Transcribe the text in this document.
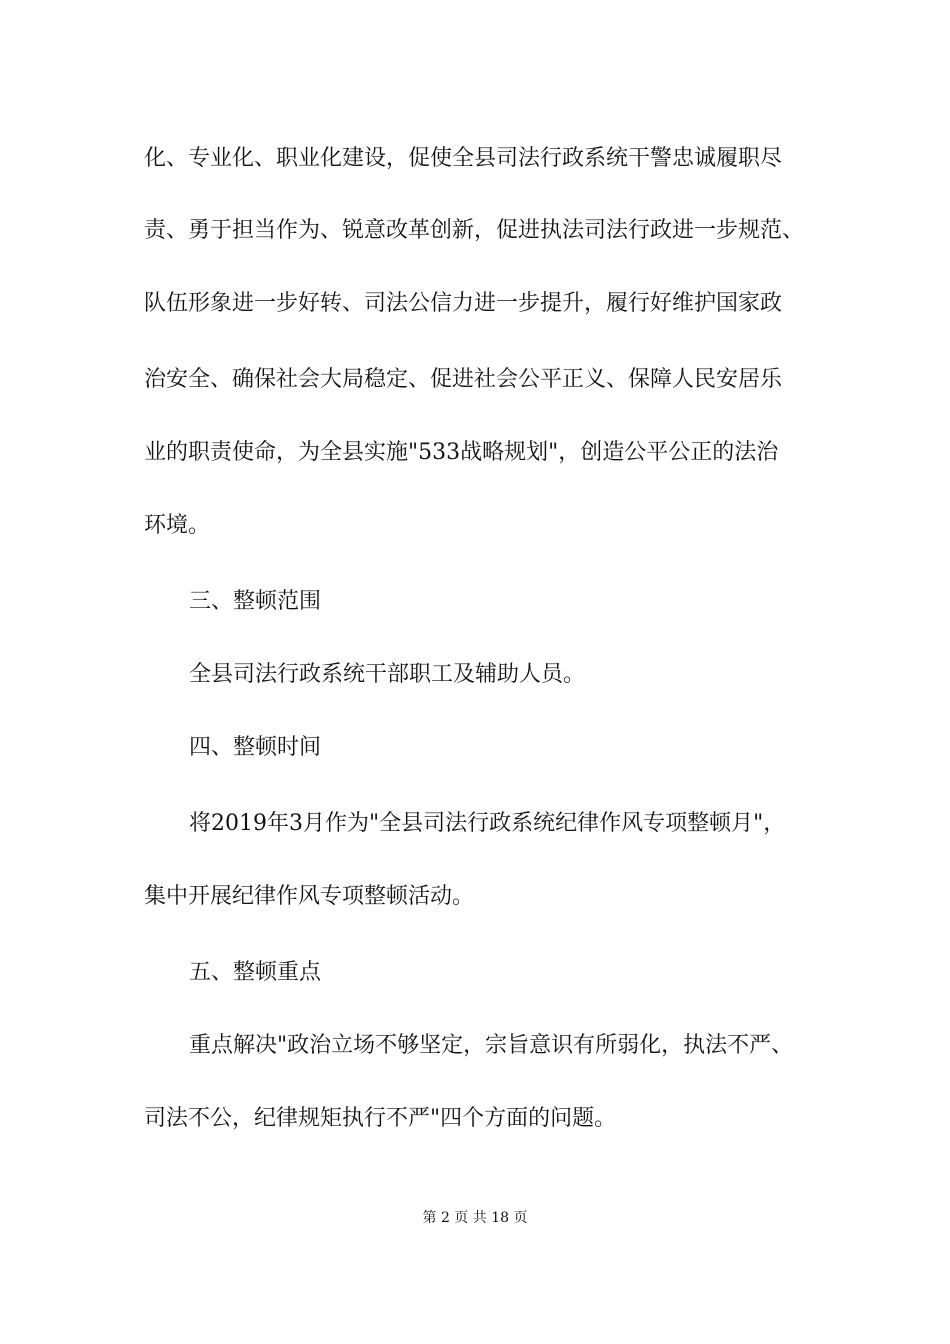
化、专业化、职业化建设，促使全县司法行政系统干警忠诚履职尽
责、勇于担当作为、锐意改革创新，促进执法司法行政进一步规范、
队伍形象进一步好转、司法公信力进一步提升，履行好维护国家政
治安全、确保社会大局稳定、促进社会公平正义、保障人民安居乐
业的职责使命，为全县实施"533战略规划"，创造公平公正的法治
环境。
三、整顿范围
全县司法行政系统干部职工及辅助人员。
四、整顿时间
将2019年3月作为"全县司法行政系统纪律作风专项整顿月"，
集中开展纪律作风专项整顿活动。
五、整顿重点
重点解决"政治立场不够坚定，宗旨意识有所弱化，执法不严、
司法不公，纪律规矩执行不严"四个方面的问题。
第 2 页 共 18 页
